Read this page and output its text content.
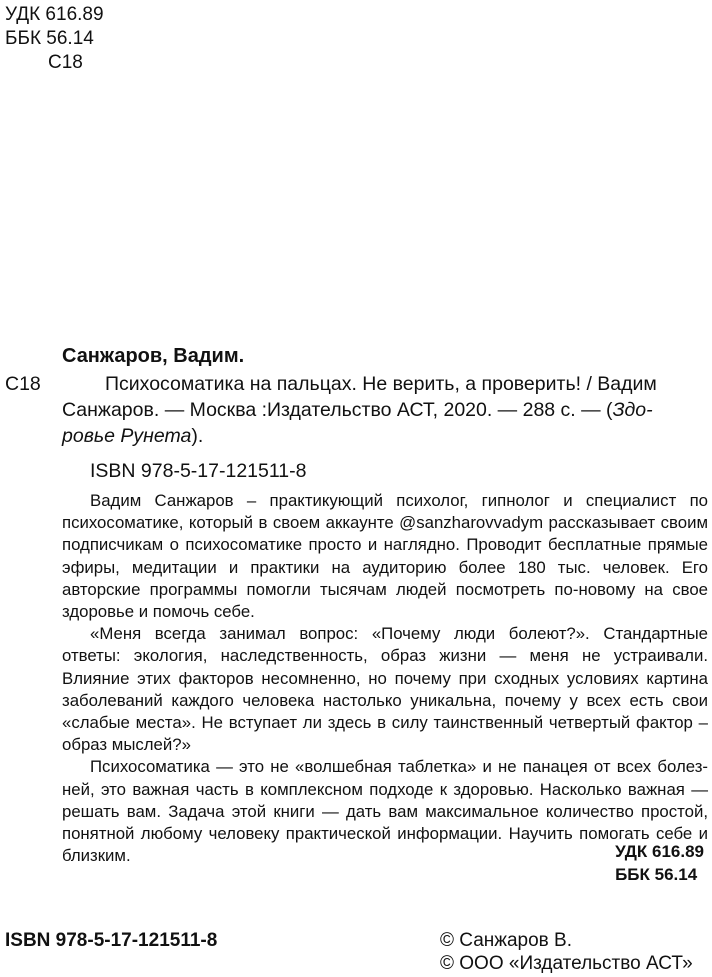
УДК 616.89
ББК 56.14
С18
Санжаров, Вадим.
С18	Психосоматика на пальцах. Не верить, а проверить! / Вадим
Санжаров. — Москва :Издательство АСТ, 2020. — 288 с. — (Здо-
ровье Рунета).
ISBN 978-5-17-121511-8

Вадим Санжаров – практикующий психолог, гипнолог и специалист по психосоматике, который в своем аккаунте @sanzharovvadym рассказывает своим подписчикам о психосоматике просто и наглядно. Проводит бесплатные прямые эфиры, медитации и практики на аудиторию более 180 тыс. человек. Его авторские программы помогли тысячам людей посмотреть по-новому на свое здоровье и помочь себе.

«Меня всегда занимал вопрос: «Почему люди болеют?». Стандартные ответы: экология, наследственность, образ жизни — меня не устраивали. Влияние этих факторов несомненно, но почему при сходных условиях картина заболеваний каждого человека настолько уникальна, почему у всех есть свои «слабые места». Не вступает ли здесь в силу таинственный четвертый фактор – образ мыслей?»

Психосоматика — это не «волшебная таблетка» и не панацея от всех болезней, это важная часть в комплексном подходе к здоровью. Насколько важная — решать вам. Задача этой книги — дать вам максимальное количество простой, понятной любому человеку практической информации. Научить помогать себе и близким.	УДК 616.89
ББК 56.14
ISBN 978-5-17-121511-8	© Санжаров В.
© ООО «Издательство АСТ»
